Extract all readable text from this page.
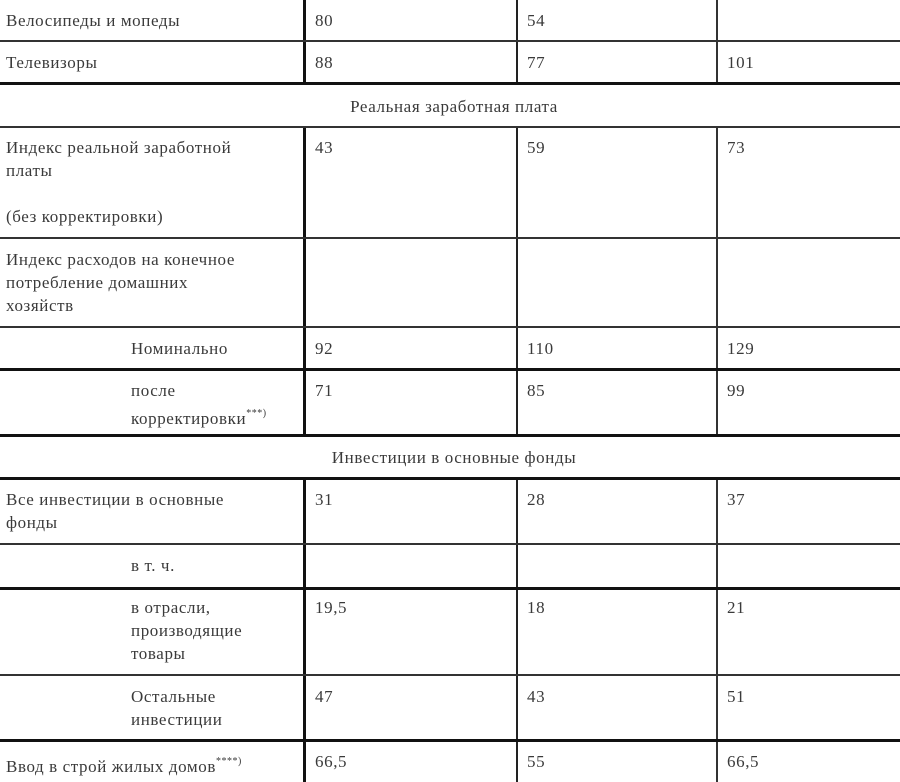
Велосипеды и мопеды	80	54
Телевизоры	88	77	101
Реальная заработная плата
Индекс реальной заработной
платы
(без корректировки)
43	59	73
Индекс расходов на конечное
потребление домашних
хозяйств
Номинально	92	110	129
после
корректировки***)
71	85	99
Инвестиции в основные фонды
Все инвестиции в основные
фонды
31	28	37
в т. ч.
в отрасли,
производящие
товары
19,5	18	21
Остальные
инвестиции
47	43	51
Ввод в строй жилых домов****)	66,5	55	66,5
